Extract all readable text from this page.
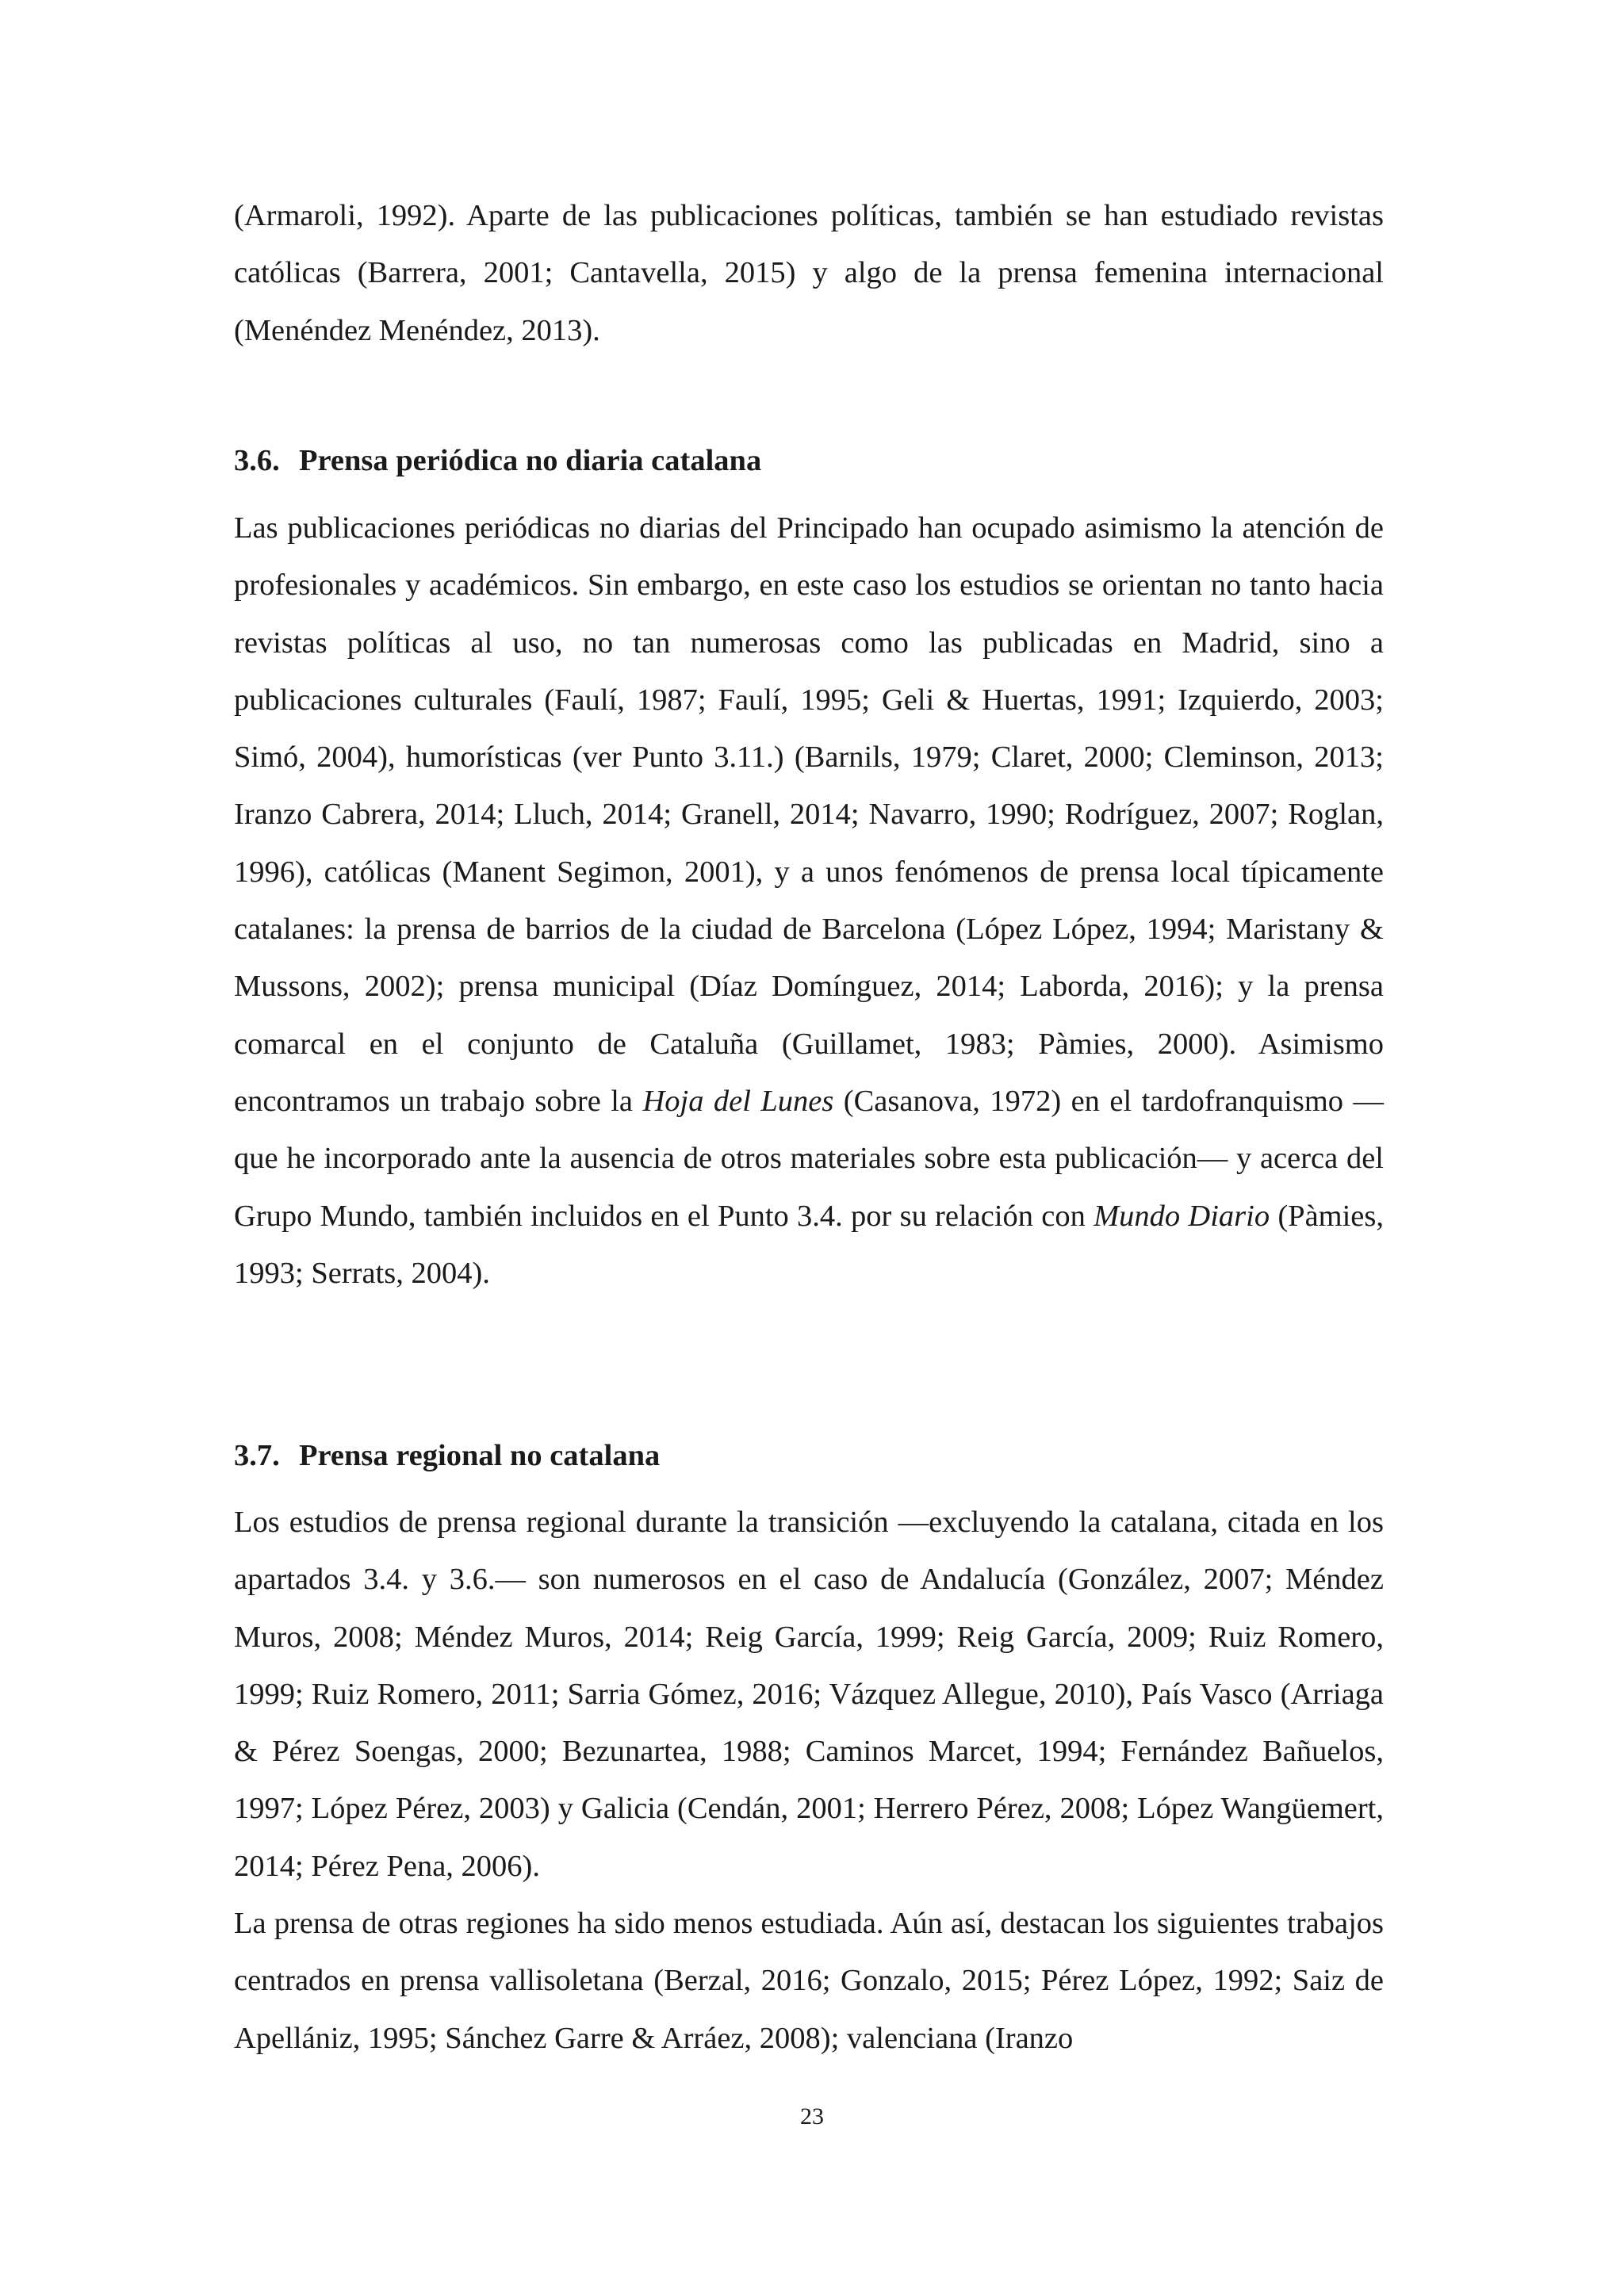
(Armaroli, 1992). Aparte de las publicaciones políticas, también se han estudiado revistas católicas (Barrera, 2001; Cantavella, 2015) y algo de la prensa femenina internacional (Menéndez Menéndez, 2013).

3.6. Prensa periódica no diaria catalana

Las publicaciones periódicas no diarias del Principado han ocupado asimismo la atención de profesionales y académicos. Sin embargo, en este caso los estudios se orientan no tanto hacia revistas políticas al uso, no tan numerosas como las publicadas en Madrid, sino a publicaciones culturales (Faulí, 1987; Faulí, 1995; Geli & Huertas, 1991; Izquierdo, 2003; Simó, 2004), humorísticas (ver Punto 3.11.) (Barnils, 1979; Claret, 2000; Cleminson, 2013; Iranzo Cabrera, 2014; Lluch, 2014; Granell, 2014; Navarro, 1990; Rodríguez, 2007; Roglan, 1996), católicas (Manent Segimon, 2001), y a unos fenómenos de prensa local típicamente catalanes: la prensa de barrios de la ciudad de Barcelona (López López, 1994; Maristany & Mussons, 2002); prensa municipal (Díaz Domínguez, 2014; Laborda, 2016); y la prensa comarcal en el conjunto de Cataluña (Guillamet, 1983; Pàmies, 2000). Asimismo encontramos un trabajo sobre la Hoja del Lunes (Casanova, 1972) en el tardofranquismo —que he incorporado ante la ausencia de otros materiales sobre esta publicación— y acerca del Grupo Mundo, también incluidos en el Punto 3.4. por su relación con Mundo Diario (Pàmies, 1993; Serrats, 2004).

3.7. Prensa regional no catalana

Los estudios de prensa regional durante la transición —excluyendo la catalana, citada en los apartados 3.4. y 3.6.— son numerosos en el caso de Andalucía (González, 2007; Méndez Muros, 2008; Méndez Muros, 2014; Reig García, 1999; Reig García, 2009; Ruiz Romero, 1999; Ruiz Romero, 2011; Sarria Gómez, 2016; Vázquez Allegue, 2010), País Vasco (Arriaga & Pérez Soengas, 2000; Bezunartea, 1988; Caminos Marcet, 1994; Fernández Bañuelos, 1997; López Pérez, 2003) y Galicia (Cendán, 2001; Herrero Pérez, 2008; López Wangüemert, 2014; Pérez Pena, 2006).

La prensa de otras regiones ha sido menos estudiada. Aún así, destacan los siguientes trabajos centrados en prensa vallisoletana (Berzal, 2016; Gonzalo, 2015; Pérez López, 1992; Saiz de Apellániz, 1995; Sánchez Garre & Arráez, 2008); valenciana (Iranzo

23
